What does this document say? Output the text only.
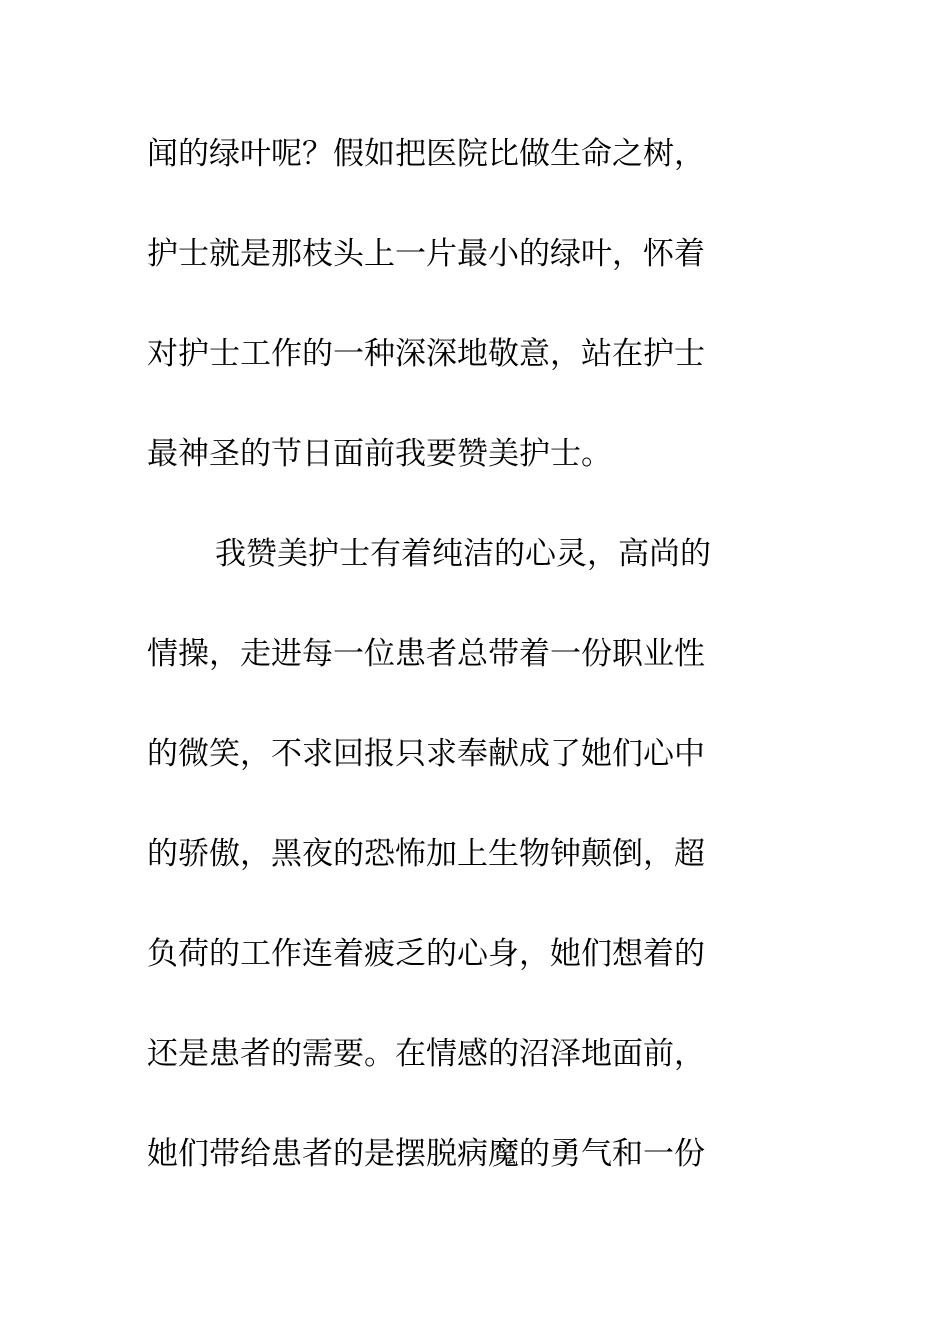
闻的绿叶呢？假如把医院比做生命之树，
护士就是那枝头上一片最小的绿叶，怀着
对护士工作的一种深深地敬意，站在护士
最神圣的节日面前我要赞美护士。
我赞美护士有着纯洁的心灵，高尚的
情操，走进每一位患者总带着一份职业性
的微笑，不求回报只求奉献成了她们心中
的骄傲，黑夜的恐怖加上生物钟颠倒，超
负荷的工作连着疲乏的心身，她们想着的
还是患者的需要。在情感的沼泽地面前，
她们带给患者的是摆脱病魔的勇气和一份
